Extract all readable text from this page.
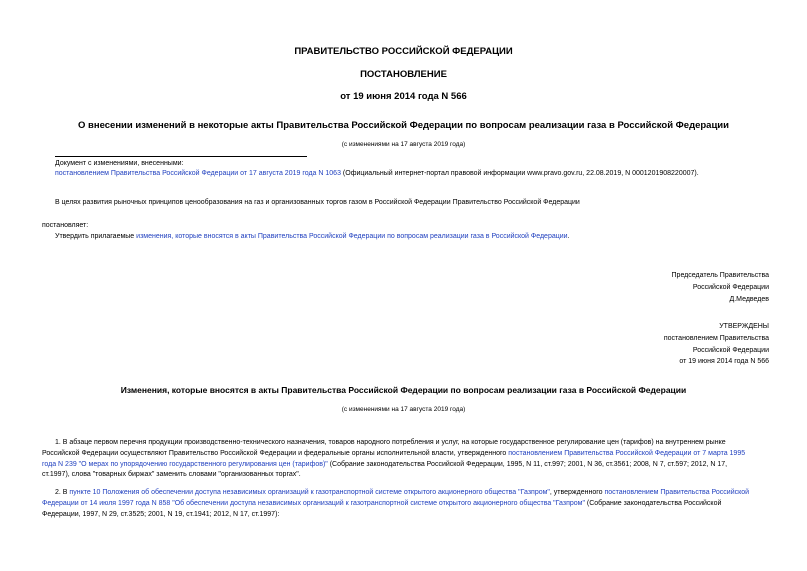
ПРАВИТЕЛЬСТВО РОССИЙСКОЙ ФЕДЕРАЦИИ
ПОСТАНОВЛЕНИЕ
от 19 июня 2014 года N 566
О внесении изменений в некоторые акты Правительства Российской Федерации по вопросам реализации газа в Российской Федерации
(с изменениями на 17 августа 2019 года)
Документ с изменениями, внесенными:
постановлением Правительства Российской Федерации от 17 августа 2019 года N 1063 (Официальный интернет-портал правовой информации www.pravo.gov.ru, 22.08.2019, N 0001201908220007).
В целях развития рыночных принципов ценообразования на газ и организованных торгов газом в Российской Федерации Правительство Российской Федерации
постановляет:
Утвердить прилагаемые изменения, которые вносятся в акты Правительства Российской Федерации по вопросам реализации газа в Российской Федерации.
Председатель Правительства
Российской Федерации
Д.Медведев
УТВЕРЖДЕНЫ
постановлением Правительства
Российской Федерации
от 19 июня 2014 года N 566
Изменения, которые вносятся в акты Правительства Российской Федерации по вопросам реализации газа в Российской Федерации
(с изменениями на 17 августа 2019 года)
1. В абзаце первом перечня продукции производственно-технического назначения, товаров народного потребления и услуг, на которые государственное регулирование цен (тарифов) на внутреннем рынке
Российской Федерации осуществляют Правительство Российской Федерации и федеральные органы исполнительной власти, утвержденного постановлением Правительства Российской Федерации от 7 марта 1995
года N 239 "О мерах по упорядочению государственного регулирования цен (тарифов)" (Собрание законодательства Российской Федерации, 1995, N 11, ст.997; 2001, N 36, ст.3561; 2008, N 7, ст.597; 2012, N 17,
ст.1997), слова "товарных биржах" заменить словами "организованных торгах".
2. В пункте 10 Положения об обеспечении доступа независимых организаций к газотранспортной системе открытого акционерного общества "Газпром", утвержденного постановлением Правительства Российской
Федерации от 14 июля 1997 года N 858 "Об обеспечении доступа независимых организаций к газотранспортной системе открытого акционерного общества "Газпром" (Собрание законодательства Российской
Федерации, 1997, N 29, ст.3525; 2001, N 19, ст.1941; 2012, N 17, ст.1997):
